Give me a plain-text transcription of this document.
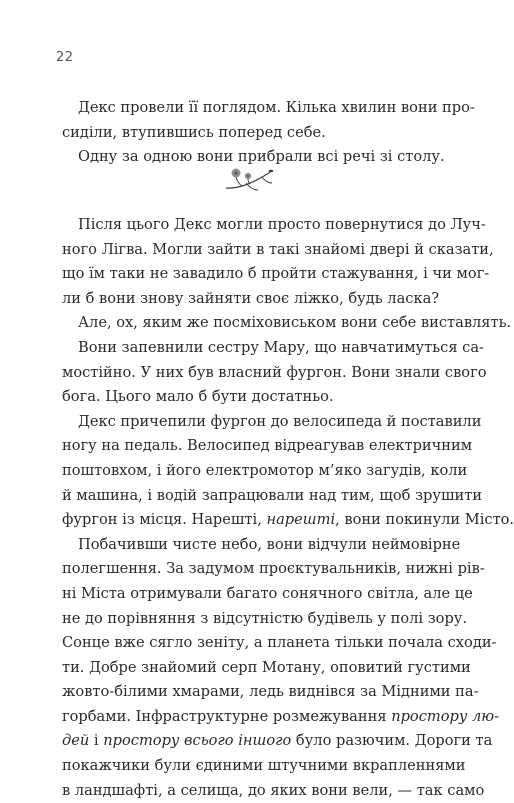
22
Декс провели її поглядом. Кілька хвилин вони про-
сиділи, втупившись поперед себе.
Одну за одною вони прибрали всі речі зі столу.
Після цього Декс могли просто повернутися до Луч-
ного Лігва. Могли зайти в такі знайомі двері й сказати,
що їм таки не завадило б пройти стажування, і чи мог-
ли б вони знову зайняти своє ліжко, будь ласка?
Але, ох, яким же посміховиськом вони себе виставлять.
Вони запевнили сестру Мару, що навчатимуться са-
мостійно. У них був власний фургон. Вони знали свого
бога. Цього мало б бути достатньо.
Декс причепили фургон до велосипеда й поставили
ногу на педаль. Велосипед відреагував електричним
поштовхом, і його електромотор м’яко загудів, коли
й машина, і водій запрацювали над тим, щоб зрушити
фургон із місця. Нарешті, нарешті, вони покинули Місто.
Побачивши чисте небо, вони відчули неймовірне
полегшення. За задумом проєктувальників, нижні рів-
ні Міста отримували багато сонячного світла, але це
не до порівняння з відсутністю будівель у полі зору.
Сонце вже сягло зеніту, а планета тільки почала сходи-
ти. Добре знайомий серп Мотану, оповитий густими
жовто-білими хмарами, ледь виднівся за Мідними па-
горбами. Інфраструктурне розмежування простору лю-
дей і простору всього іншого було разючим. Дороги та
покажчики були єдиними штучними вкрапленнями
в ландшафті, а селища, до яких вони вели, — так само
